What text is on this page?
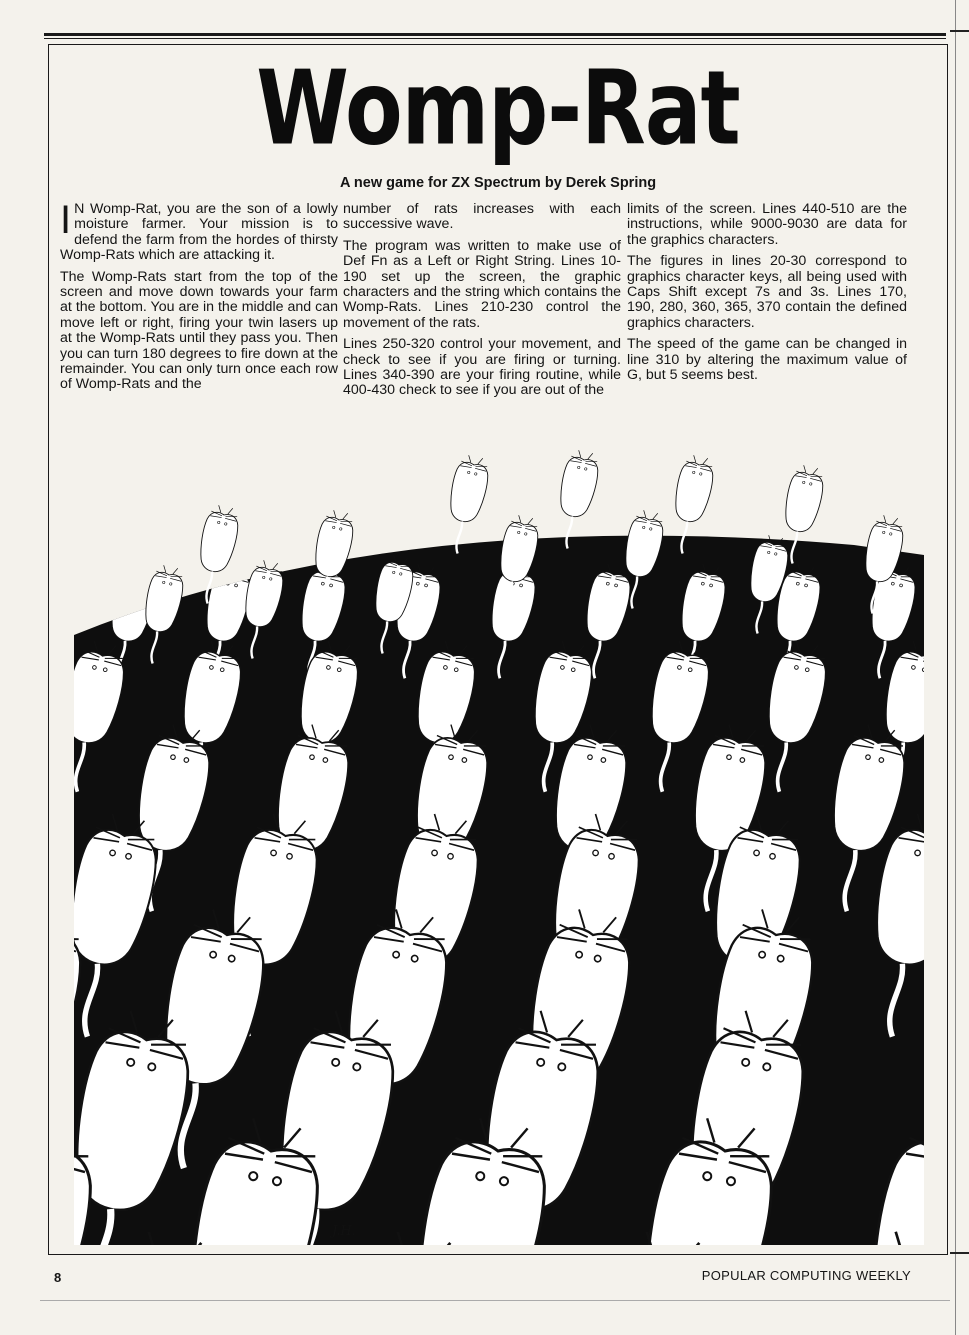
Womp-Rat
A new game for ZX Spectrum by Derek Spring

I N Womp-Rat, you are the son of a lowly moisture farmer. Your mission is to defend the farm from the hordes of thirsty Womp-Rats which are attacking it.

The Womp-Rats start from the top of the screen and move down towards your farm at the bottom. You are in the middle and can move left or right, firing your twin lasers up at the Womp-Rats until they pass you. Then you can turn 180 degrees to fire down at the remainder. You can only turn once each row of Womp-Rats and the

number of rats increases with each successive wave.

The program was written to make use of Def Fn as a Left or Right String. Lines 10-190 set up the screen, the graphic characters and the string which contains the Womp-Rats. Lines 210-230 control the movement of the rats.

Lines 250-320 control your movement, and check to see if you are firing or turning. Lines 340-390 are your firing routine, while 400-430 check to see if you are out of the

limits of the screen. Lines 440-510 are the instructions, while 9000-9030 are data for the graphics characters.

The figures in lines 20-30 correspond to graphics character keys, all being used with Caps Shift except 7s and 3s. Lines 170, 190, 280, 360, 365, 370 contain the defined graphics characters.

The speed of the game can be changed in line 310 by altering the maximum value of G, but 5 seems best.

J.H.
8	POPULAR COMPUTING WEEKLY
